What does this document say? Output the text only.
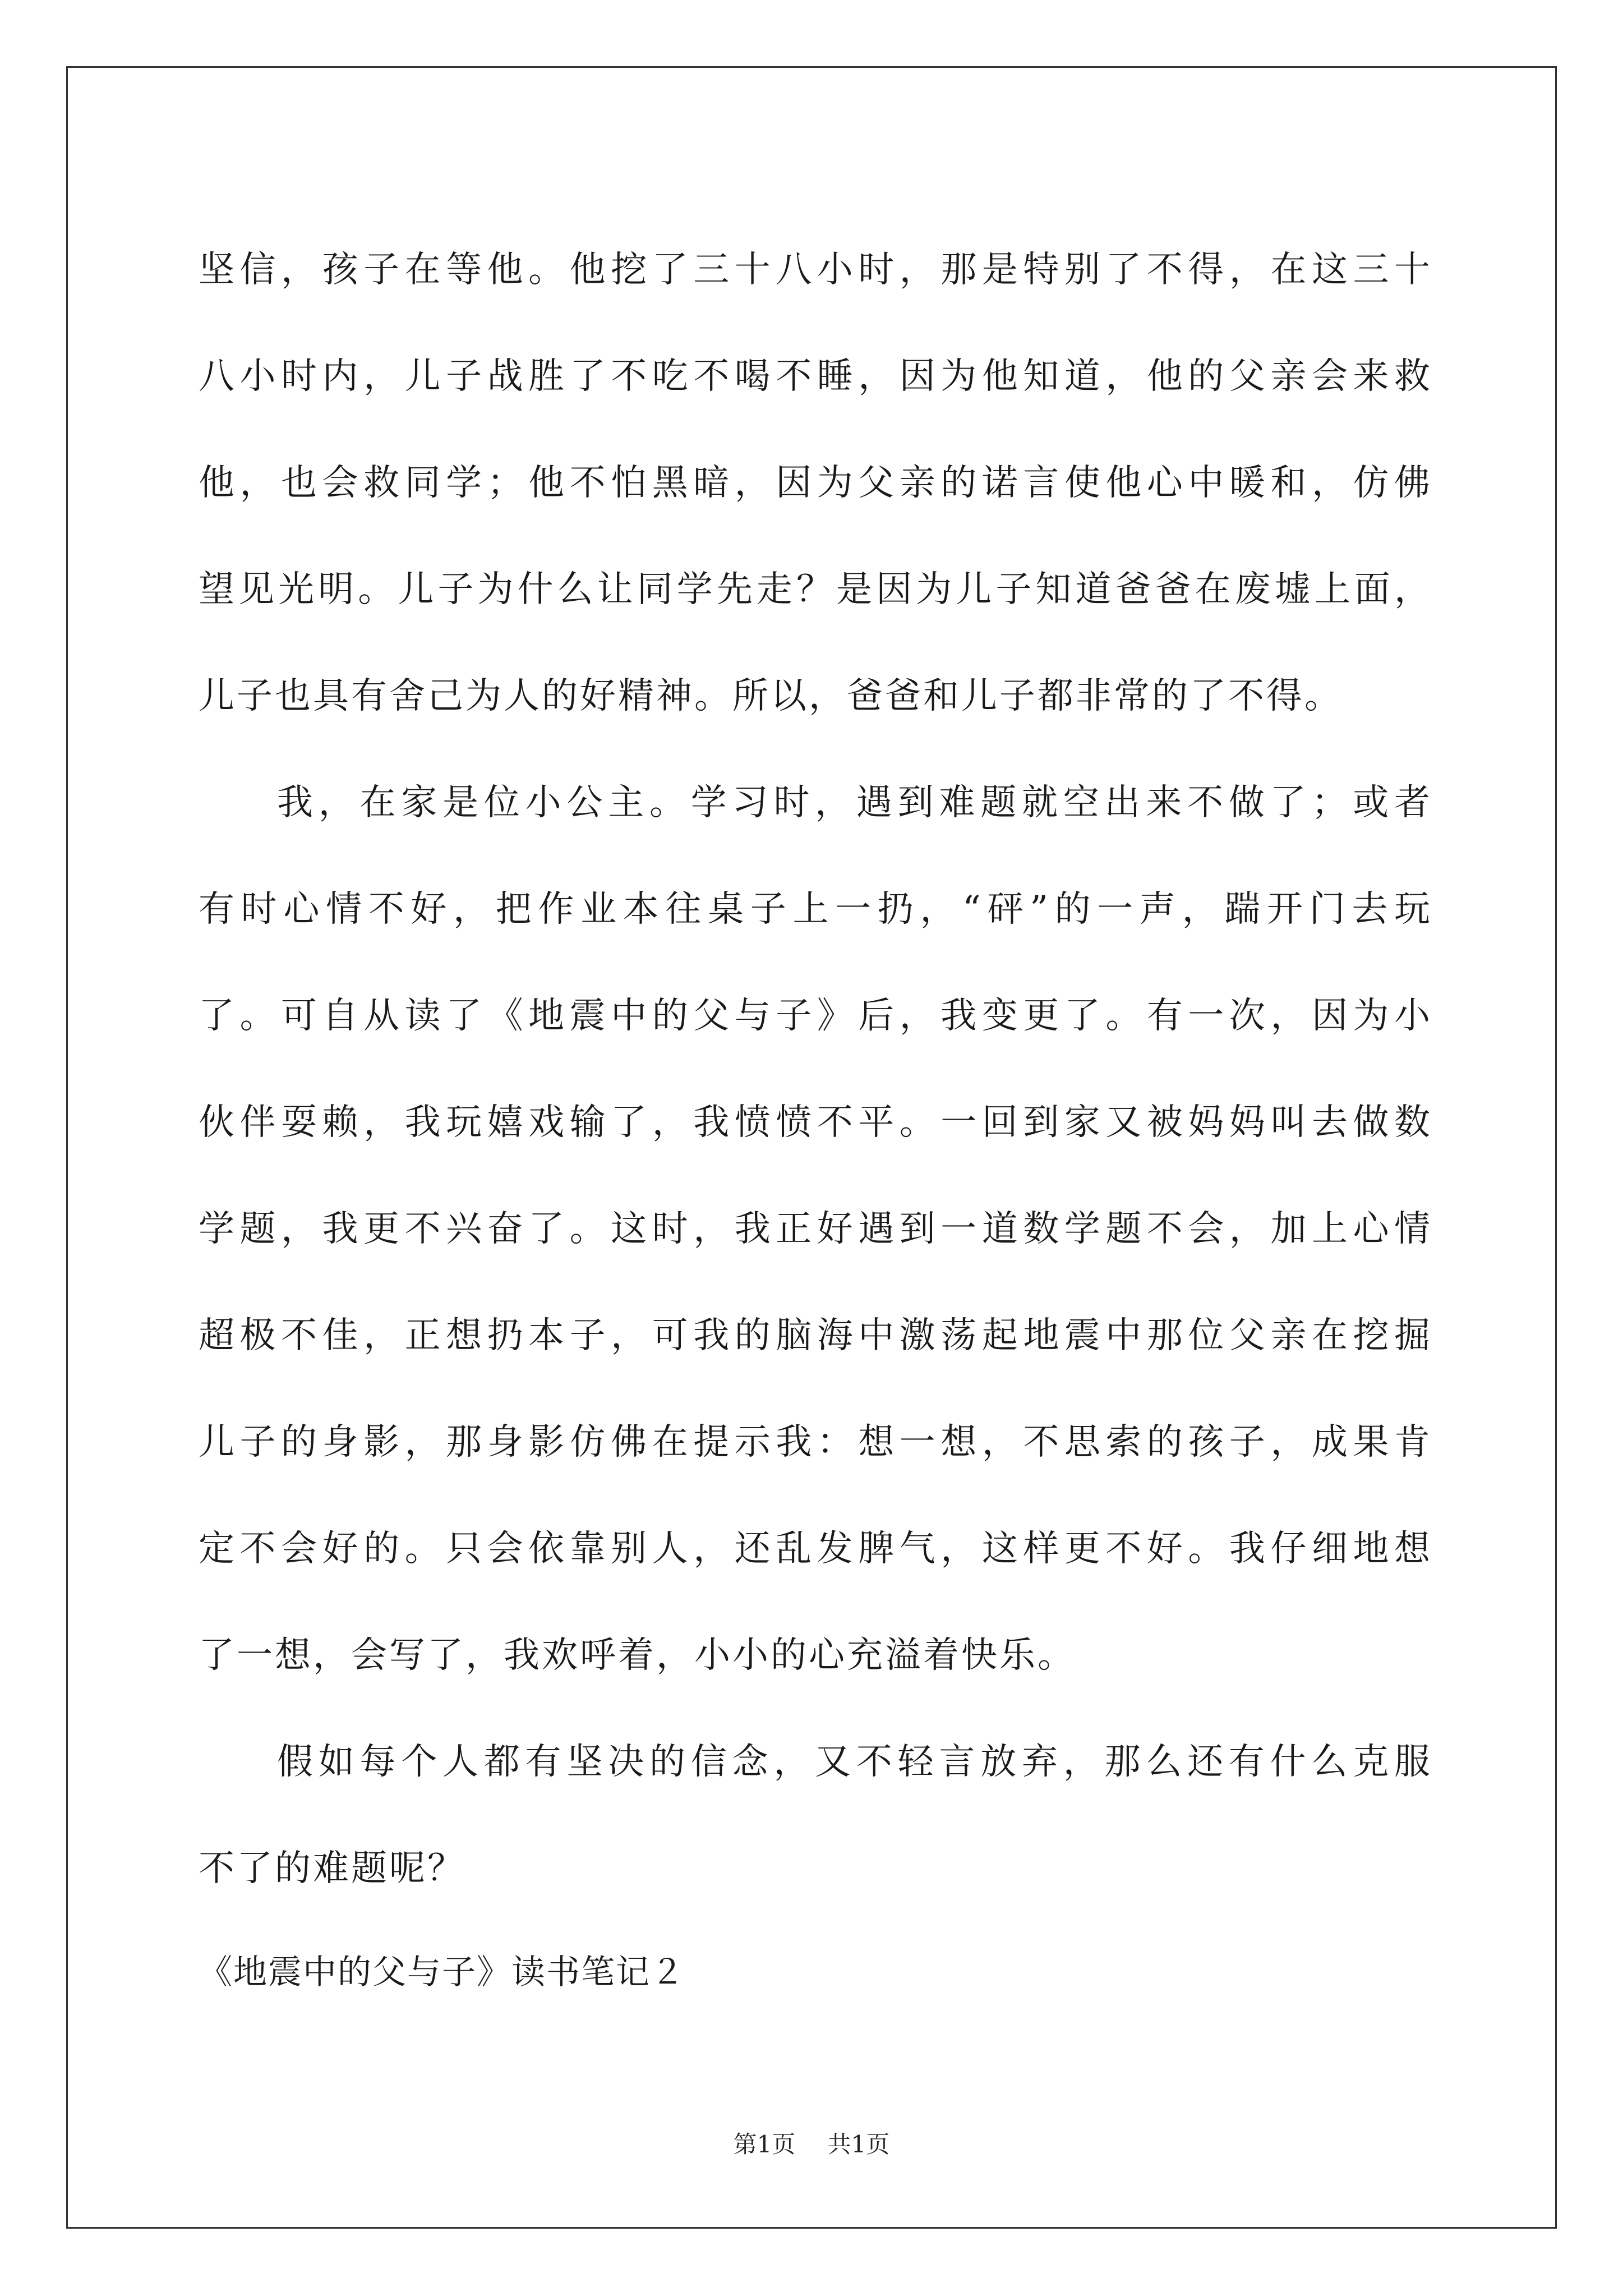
坚信，孩子在等他。他挖了三十八小时，那是特别了不得，在这三十
八小时内，儿子战胜了不吃不喝不睡，因为他知道，他的父亲会来救
他，也会救同学；他不怕黑暗，因为父亲的诺言使他心中暖和，仿佛
望见光明。儿子为什么让同学先走？是因为儿子知道爸爸在废墟上面，
儿子也具有舍己为人的好精神。所以，爸爸和儿子都非常的了不得。
我，在家是位小公主。学习时，遇到难题就空出来不做了；或者
有时心情不好，把作业本往桌子上一扔，“砰”的一声，踹开门去玩
了。可自从读了《地震中的父与子》后，我变更了。有一次，因为小
伙伴耍赖，我玩嬉戏输了，我愤愤不平。一回到家又被妈妈叫去做数
学题，我更不兴奋了。这时，我正好遇到一道数学题不会，加上心情
超极不佳，正想扔本子，可我的脑海中激荡起地震中那位父亲在挖掘
儿子的身影，那身影仿佛在提示我：想一想，不思索的孩子，成果肯
定不会好的。只会依靠别人，还乱发脾气，这样更不好。我仔细地想
了一想，会写了，我欢呼着，小小的心充溢着快乐。
假如每个人都有坚决的信念，又不轻言放弃，那么还有什么克服
不了的难题呢？
《地震中的父与子》读书笔记２
第1页 共1页
